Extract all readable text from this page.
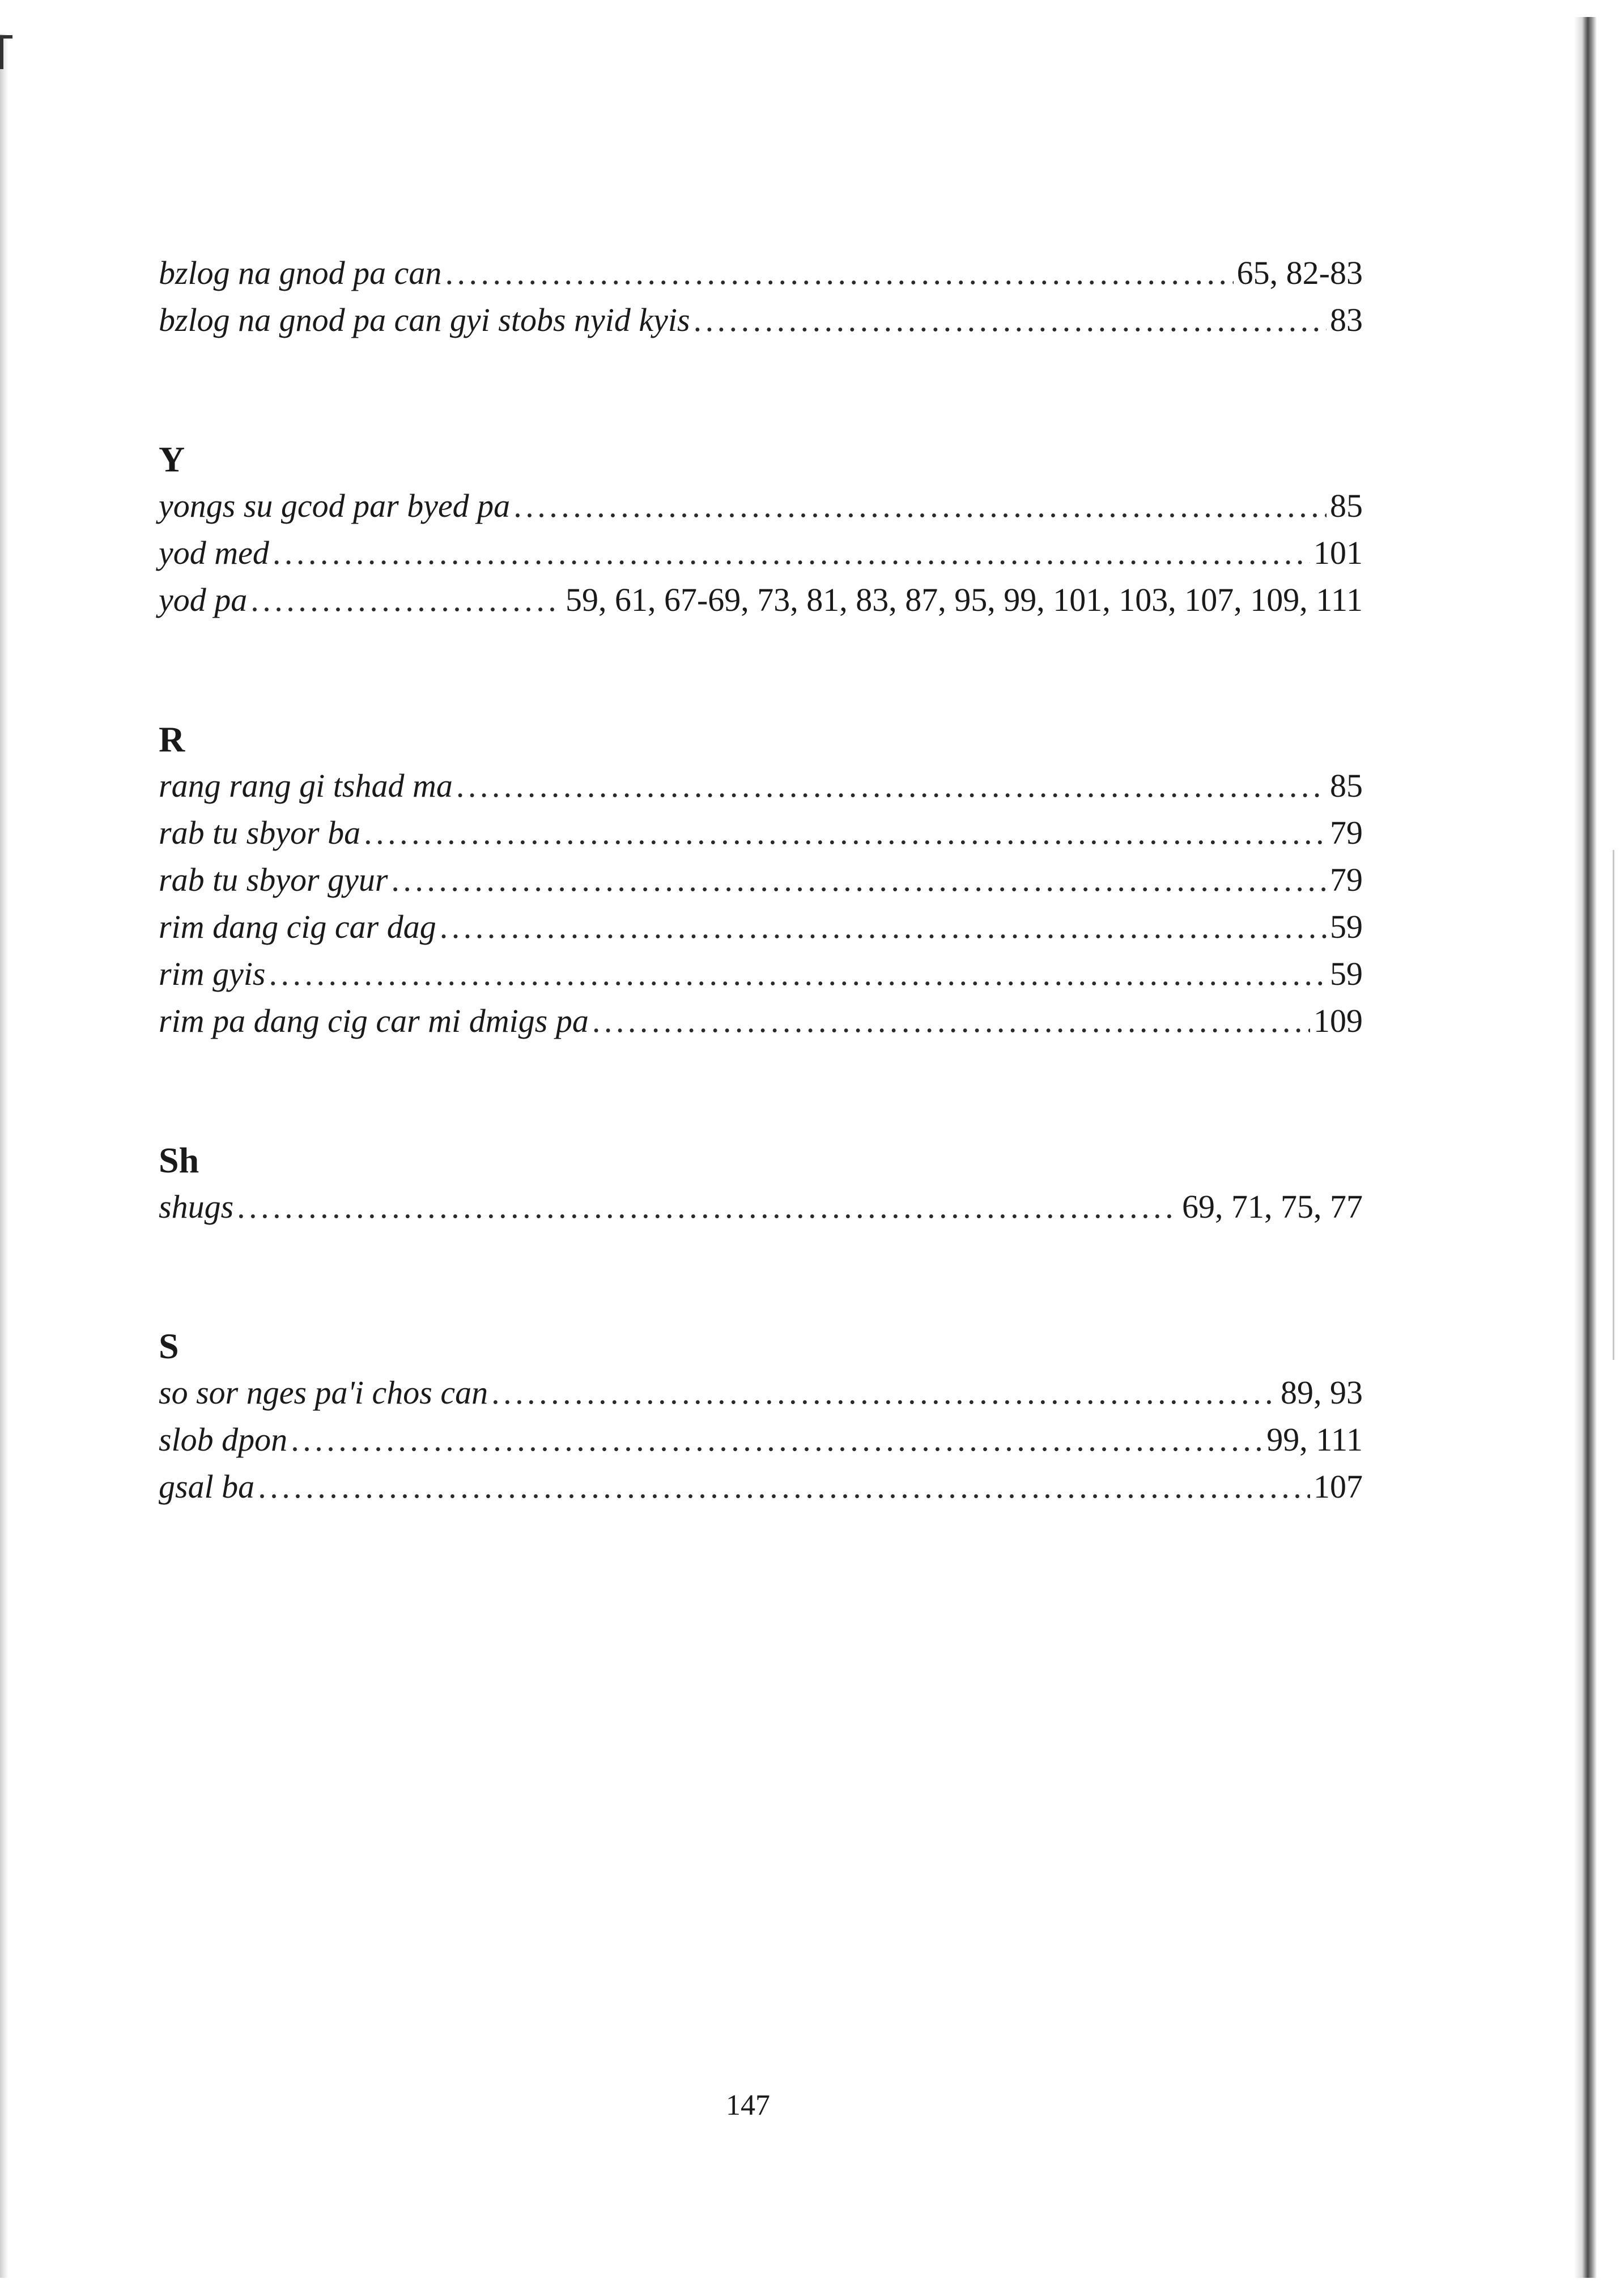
bzlog na gnod pa can . . .	65, 82-83
bzlog na gnod pa can gyi stobs nyid kyis . . .	83
Y
yongs su gcod par byed pa . . .	85
yod med . . .	101
yod pa . . .	59, 61, 67-69, 73, 81, 83, 87, 95, 99, 101, 103, 107, 109, 111
R
rang rang gi tshad ma . . .	85
rab tu sbyor ba . . .	79
rab tu sbyor gyur . . .	79
rim dang cig car dag . . .	59
rim gyis . . .	59
rim pa dang cig car mi dmigs pa . . .	109
Sh
shugs . . .	69, 71, 75, 77
S
so sor nges pa'i chos can . . .	89, 93
slob dpon . . .	99, 111
gsal ba . . .	107
147
